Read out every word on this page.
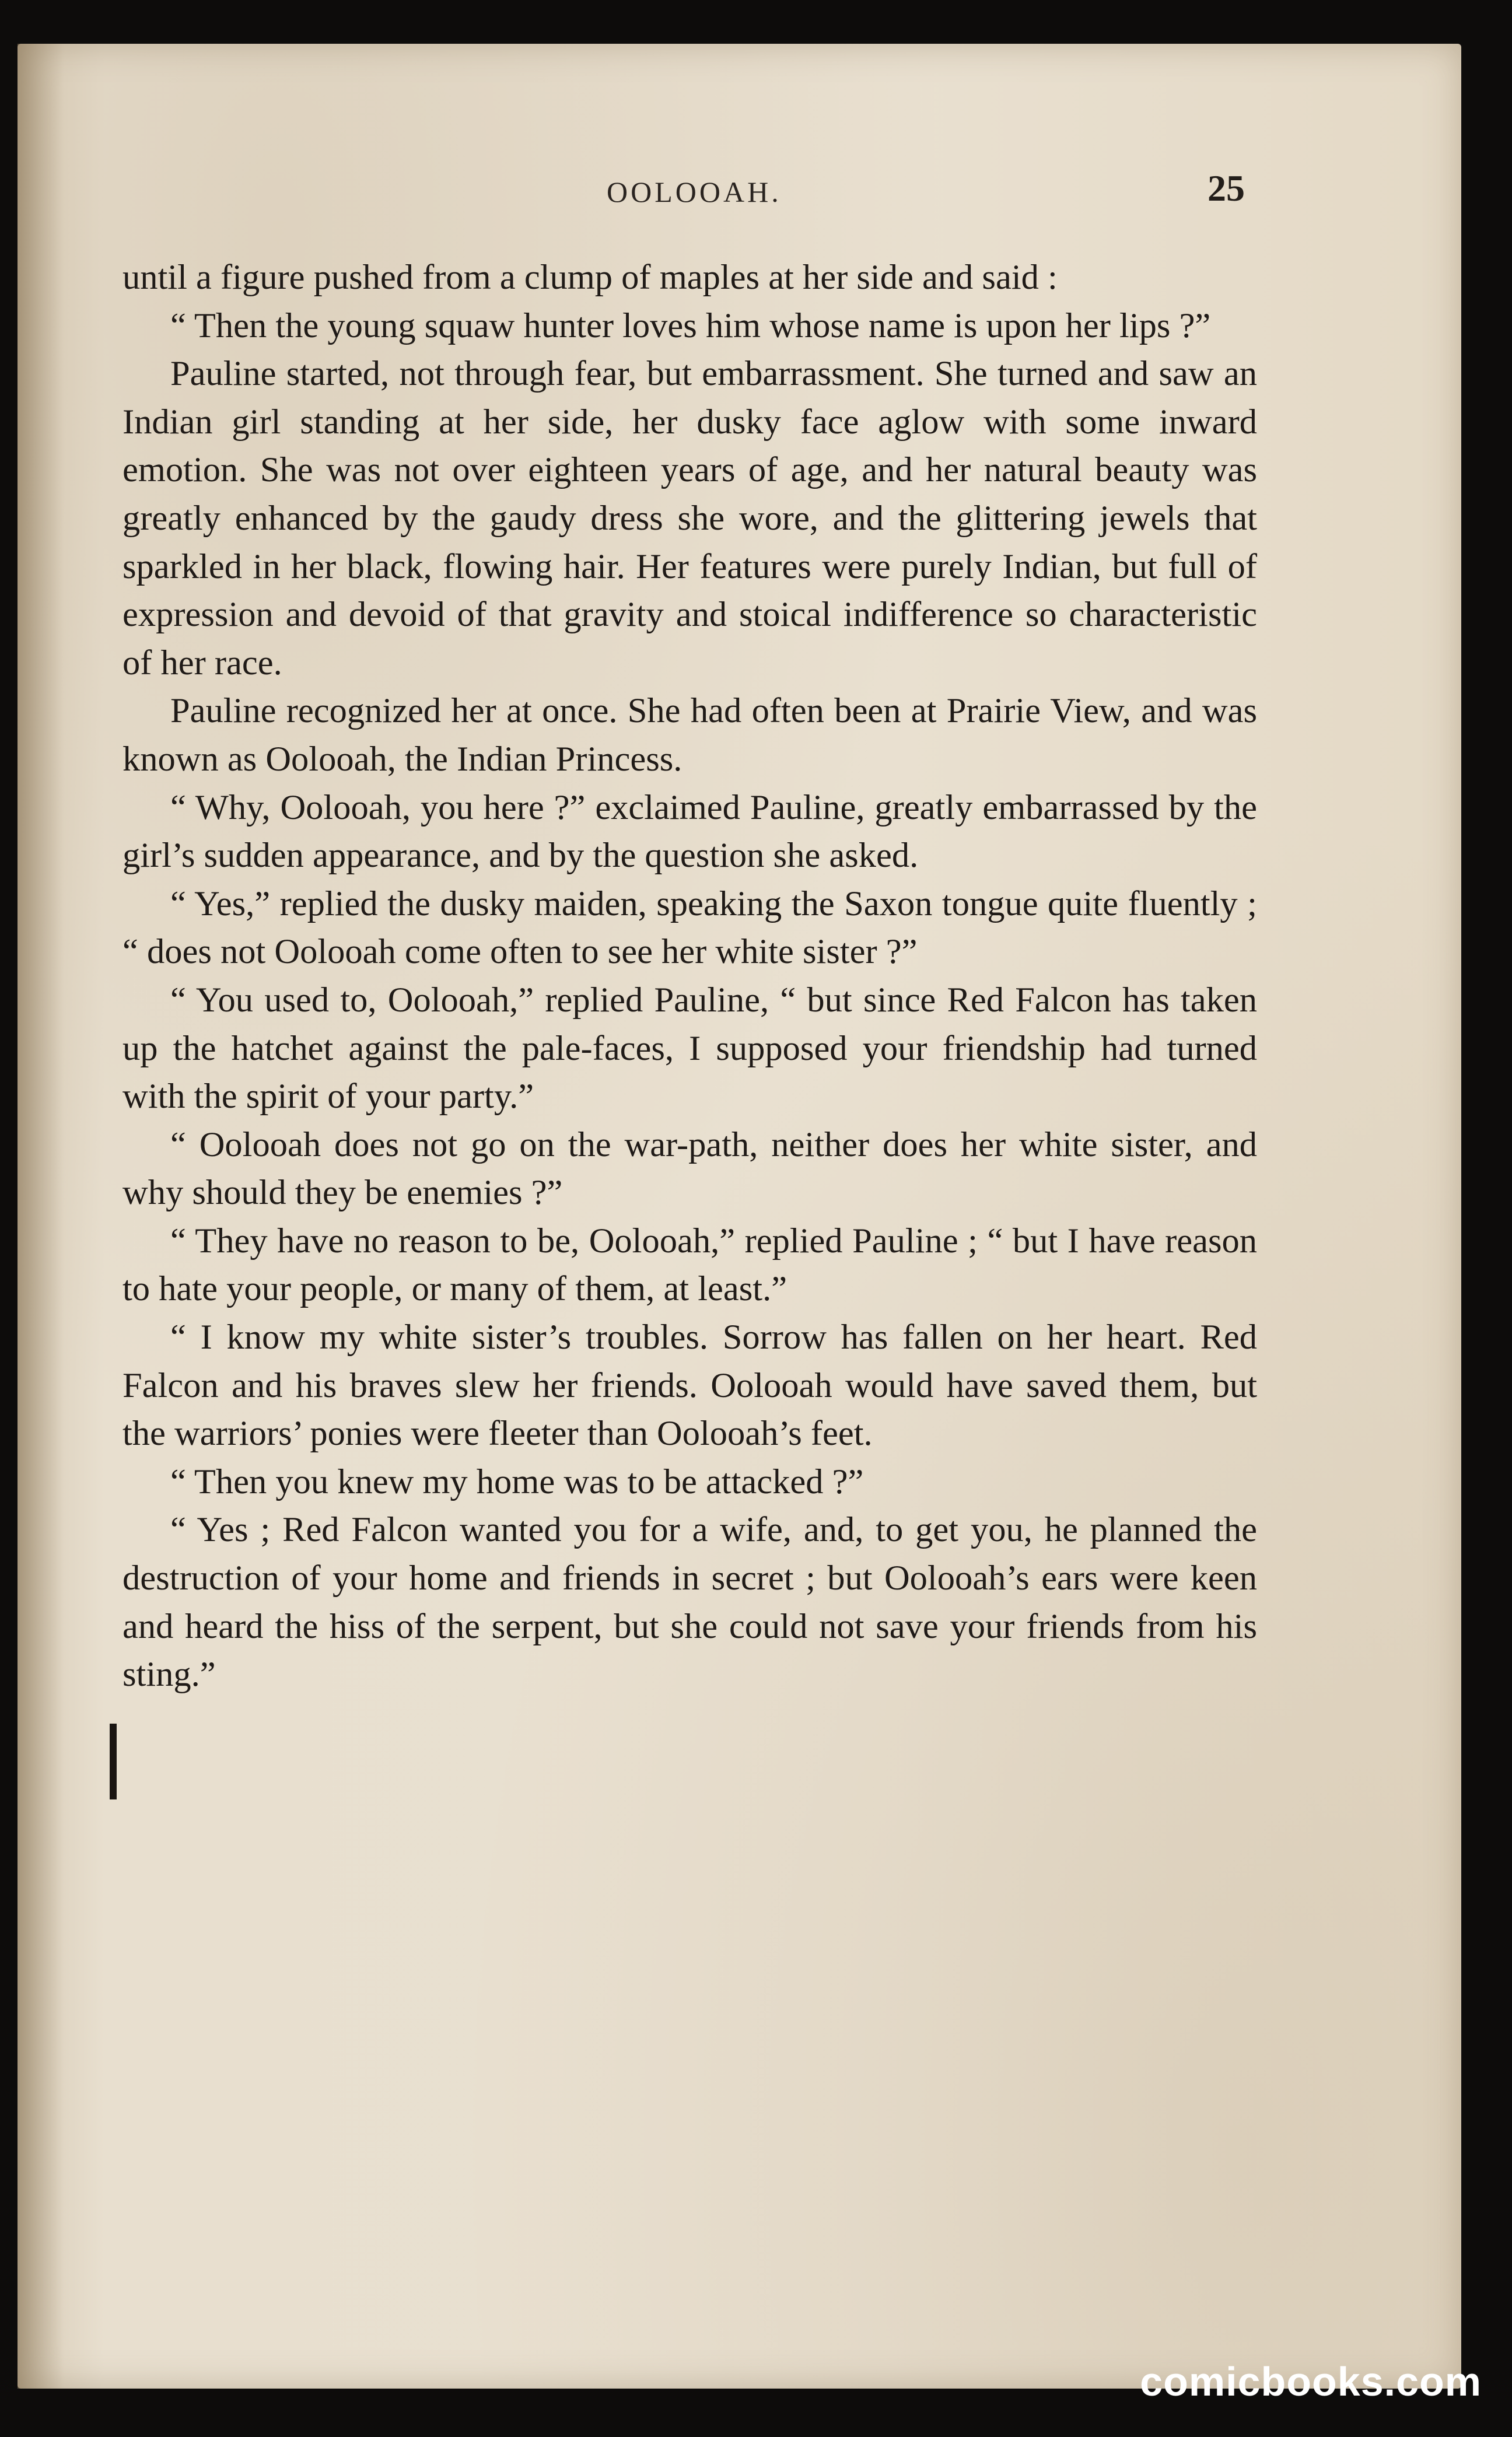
OOLOOAH.	25

until a figure pushed from a clump of maples at her side and said :

“ Then the young squaw hunter loves him whose name is upon her lips ?”

Pauline started, not through fear, but embarrassment. She turned and saw an Indian girl standing at her side, her dusky face aglow with some inward emotion. She was not over eighteen years of age, and her natural beauty was greatly enhanced by the gaudy dress she wore, and the glittering jewels that sparkled in her black, flowing hair. Her features were purely Indian, but full of expression and devoid of that gravity and stoical indifference so characteristic of her race.

Pauline recognized her at once. She had often been at Prairie View, and was known as Oolooah, the Indian Princess.

“ Why, Oolooah, you here ?” exclaimed Pauline, greatly embarrassed by the girl’s sudden appearance, and by the question she asked.

“ Yes,” replied the dusky maiden, speaking the Saxon tongue quite fluently ; “ does not Oolooah come often to see her white sister ?”

“ You used to, Oolooah,” replied Pauline, “ but since Red Falcon has taken up the hatchet against the pale-faces, I supposed your friendship had turned with the spirit of your party.”

“ Oolooah does not go on the war-path, neither does her white sister, and why should they be enemies ?”

“ They have no reason to be, Oolooah,” replied Pauline ; “ but I have reason to hate your people, or many of them, at least.”

“ I know my white sister’s troubles. Sorrow has fallen on her heart. Red Falcon and his braves slew her friends. Oolooah would have saved them, but the warriors’ ponies were fleeter than Oolooah’s feet.

“ Then you knew my home was to be attacked ?”

“ Yes ; Red Falcon wanted you for a wife, and, to get you, he planned the destruction of your home and friends in secret ; but Oolooah’s ears were keen and heard the hiss of the serpent, but she could not save your friends from his sting.”

comicbooks.com
